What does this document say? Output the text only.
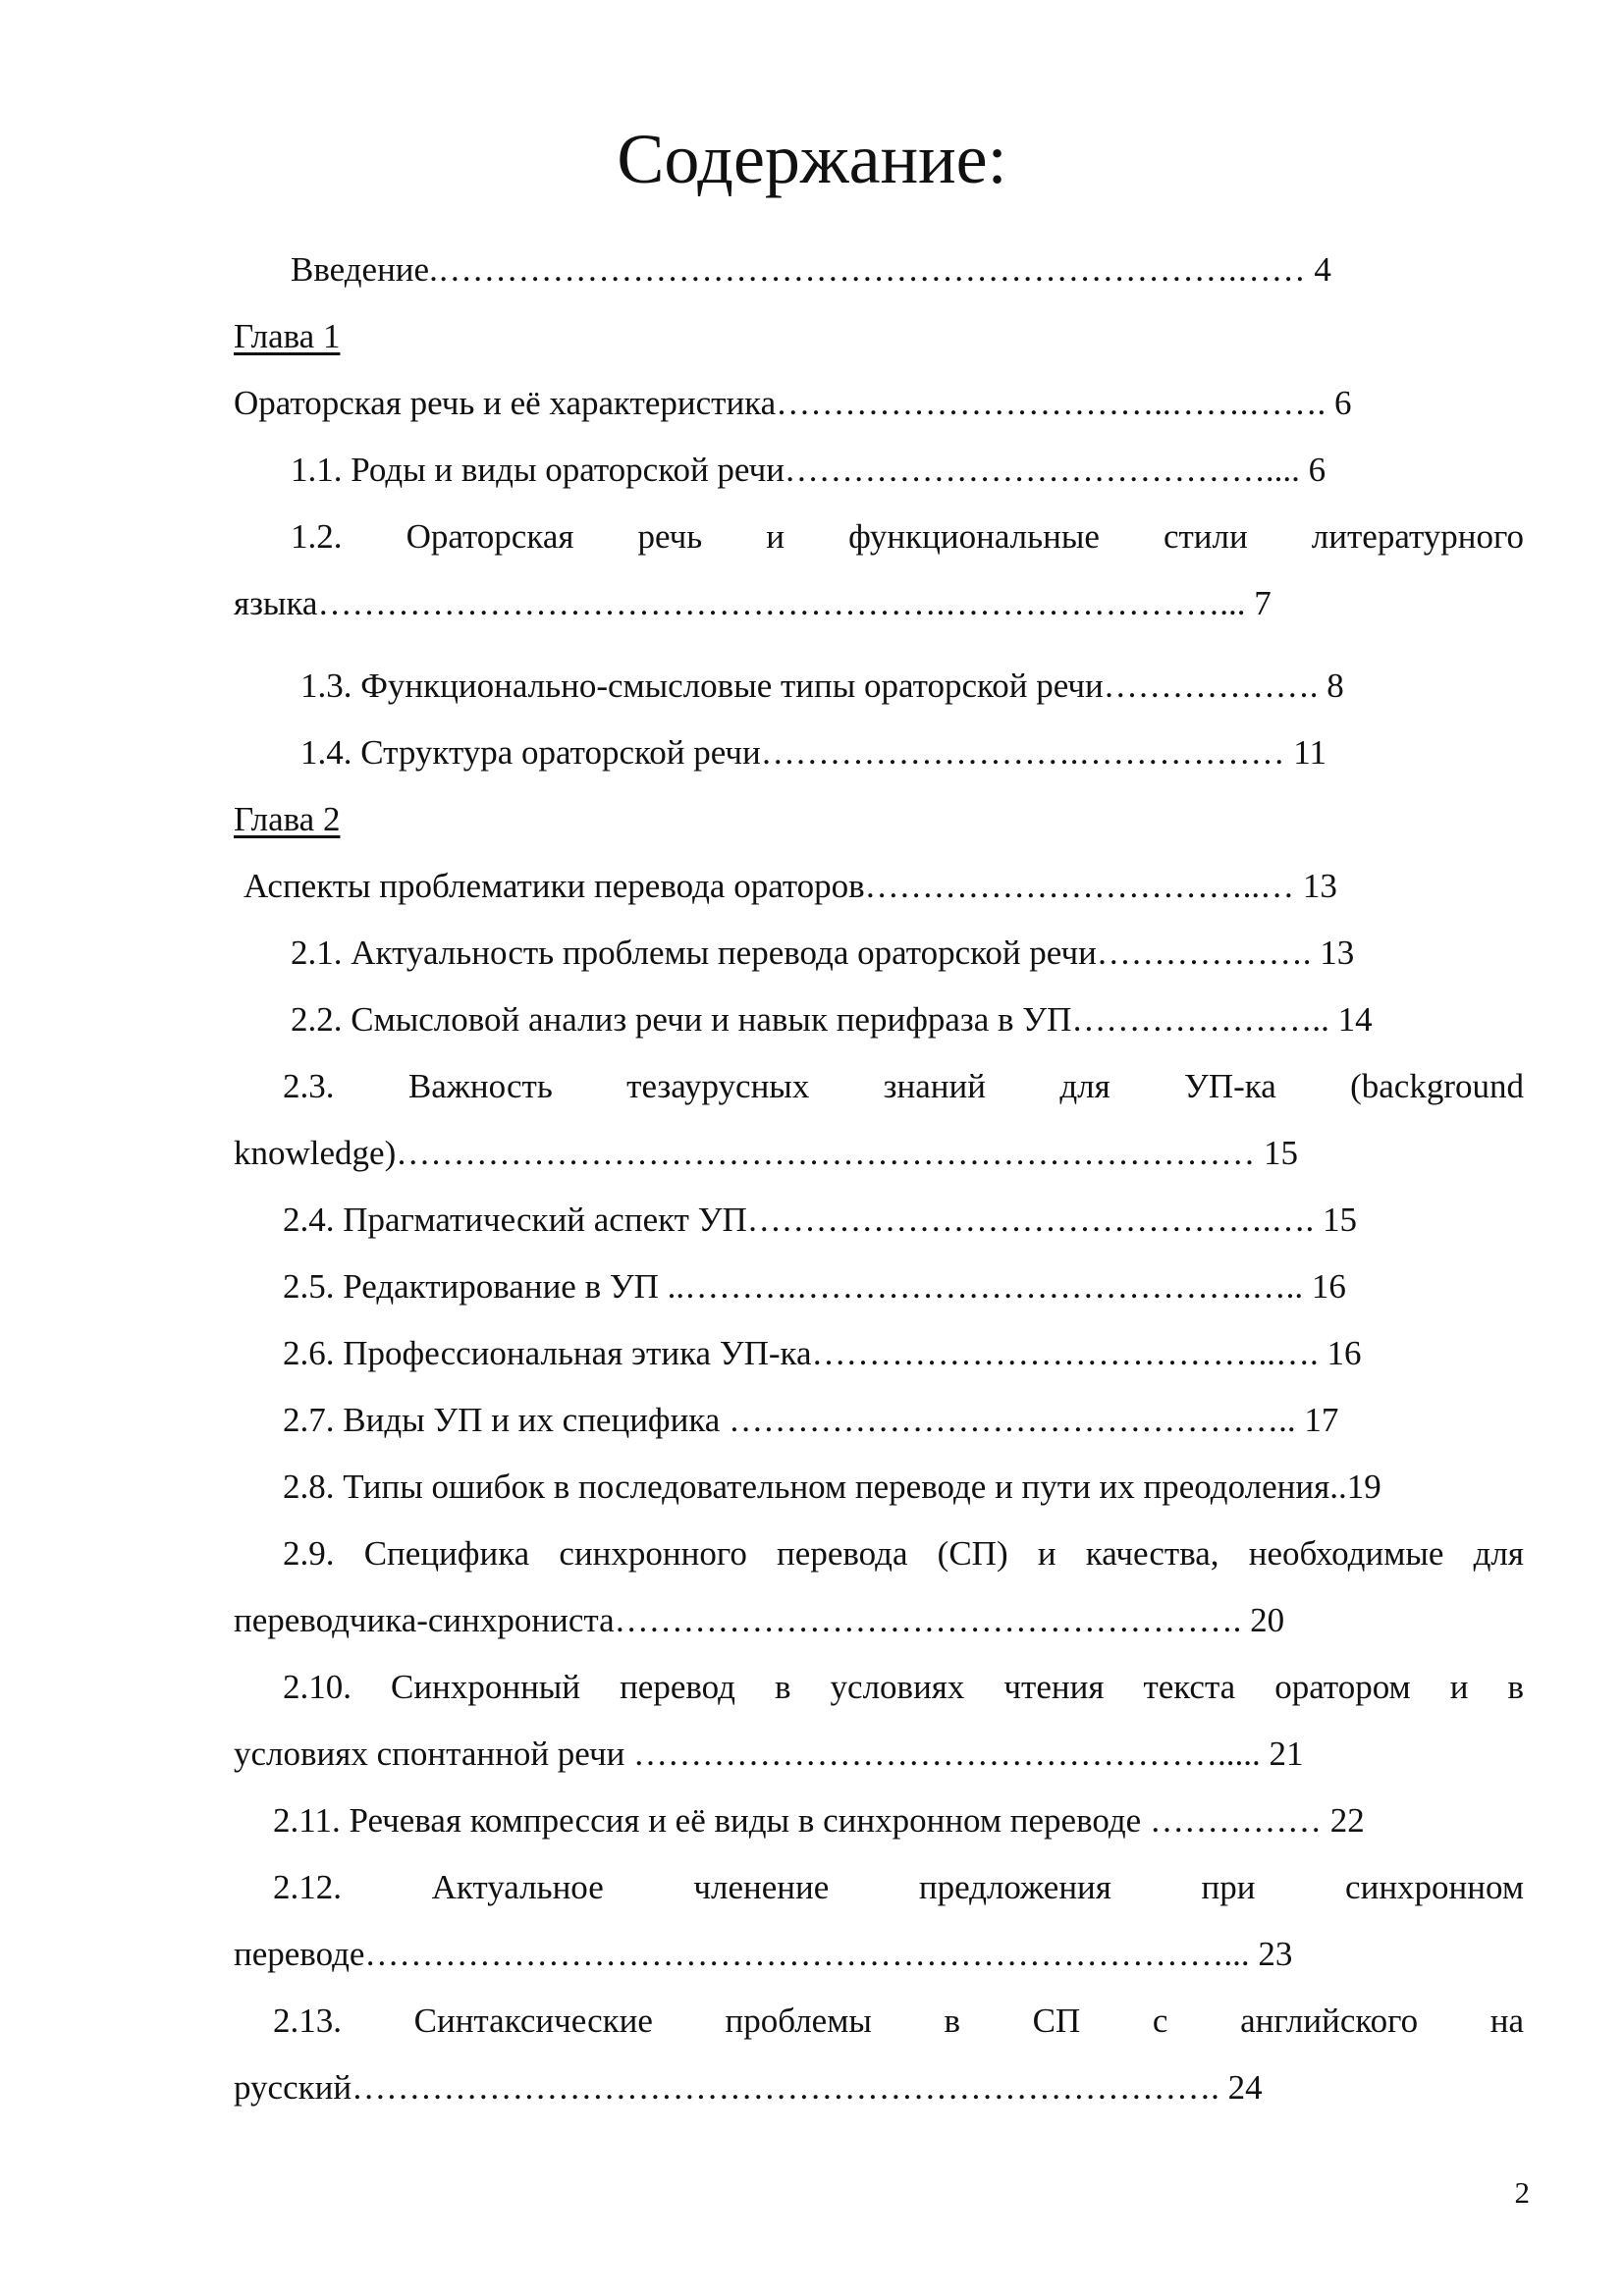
Содержание:
Введение.…………………………………………………………….…… 4
Глава 1
Ораторская речь и её характеристика……………………………..…….……. 6
1.1. Роды и виды ораторской речи…………………………………….... 6
1.2. Ораторская речь и функциональные стили литературного
языка……………………………………………….……………………... 7
1.3. Функционально-смысловые типы ораторской речи………………. 8
1.4. Структура ораторской речи……………………….……………… 11
Глава 2
Аспекты проблематики перевода ораторов……………………………..… 13
2.1. Актуальность проблемы перевода ораторской речи………………. 13
2.2. Смысловой анализ речи и навык перифраза в УП………………….. 14
2.3. Важность тезаурусных знаний для УП-ка (background
knowledge)………………………………………………………………… 15
2.4. Прагматический аспект УП……………………………………….…. 15
2.5. Редактирование в УП ..……….………………………………….….. 16
2.6. Профессиональная этика УП-ка…………………………………..…. 16
2.7. Виды УП и их специфика ………………………………………….. 17
2.8. Типы ошибок в последовательном переводе и пути их преодоления..19
2.9. Специфика синхронного перевода (СП) и качества, необходимые для
переводчика-синхрониста………………………………………………. 20
2.10. Синхронный перевод в условиях чтения текста оратором и в
условиях спонтанной речи ……………………………………………..... 21
2.11. Речевая компрессия и её виды в синхронном переводе …………… 22
2.12. Актуальное членение предложения при синхронном
переводе…………………………………………………………………... 23
2.13. Синтаксические проблемы в СП с английского на
русский…………………………………………………………………. 24
2
